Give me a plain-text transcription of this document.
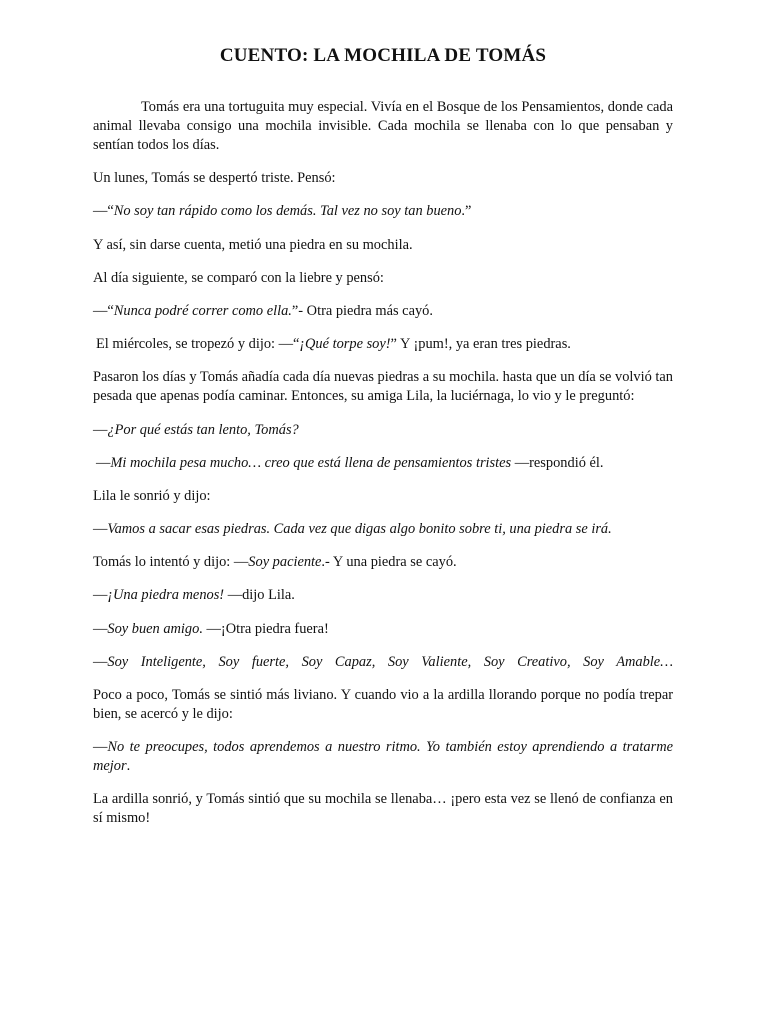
CUENTO: LA MOCHILA DE TOMÁS

Tomás era una tortuguita muy especial. Vivía en el Bosque de los Pensamientos, donde cada animal llevaba consigo una mochila invisible. Cada mochila se llenaba con lo que pensaban y sentían todos los días.

Un lunes, Tomás se despertó triste. Pensó:

—“No soy tan rápido como los demás. Tal vez no soy tan bueno.”

Y así, sin darse cuenta, metió una piedra en su mochila.

Al día siguiente, se comparó con la liebre y pensó:

—“Nunca podré correr como ella.”- Otra piedra más cayó.

El miércoles, se tropezó y dijo: —“¡Qué torpe soy!” Y ¡pum!, ya eran tres piedras.

Pasaron los días y Tomás añadía cada día nuevas piedras a su mochila. hasta que un día se volvió tan pesada que apenas podía caminar. Entonces, su amiga Lila, la luciérnaga, lo vio y le preguntó:

—¿Por qué estás tan lento, Tomás?

—Mi mochila pesa mucho… creo que está llena de pensamientos tristes —respondió él.

Lila le sonrió y dijo:

—Vamos a sacar esas piedras. Cada vez que digas algo bonito sobre ti, una piedra se irá.

Tomás lo intentó y dijo: —Soy paciente.- Y una piedra se cayó.

—¡Una piedra menos! —dijo Lila.

—Soy buen amigo. —¡Otra piedra fuera!

—Soy Inteligente, Soy fuerte, Soy Capaz, Soy Valiente, Soy Creativo, Soy Amable…

Poco a poco, Tomás se sintió más liviano. Y cuando vio a la ardilla llorando porque no podía trepar bien, se acercó y le dijo:

—No te preocupes, todos aprendemos a nuestro ritmo. Yo también estoy aprendiendo a tratarme mejor.

La ardilla sonrió, y Tomás sintió que su mochila se llenaba… ¡pero esta vez se llenó de confianza en sí mismo!
